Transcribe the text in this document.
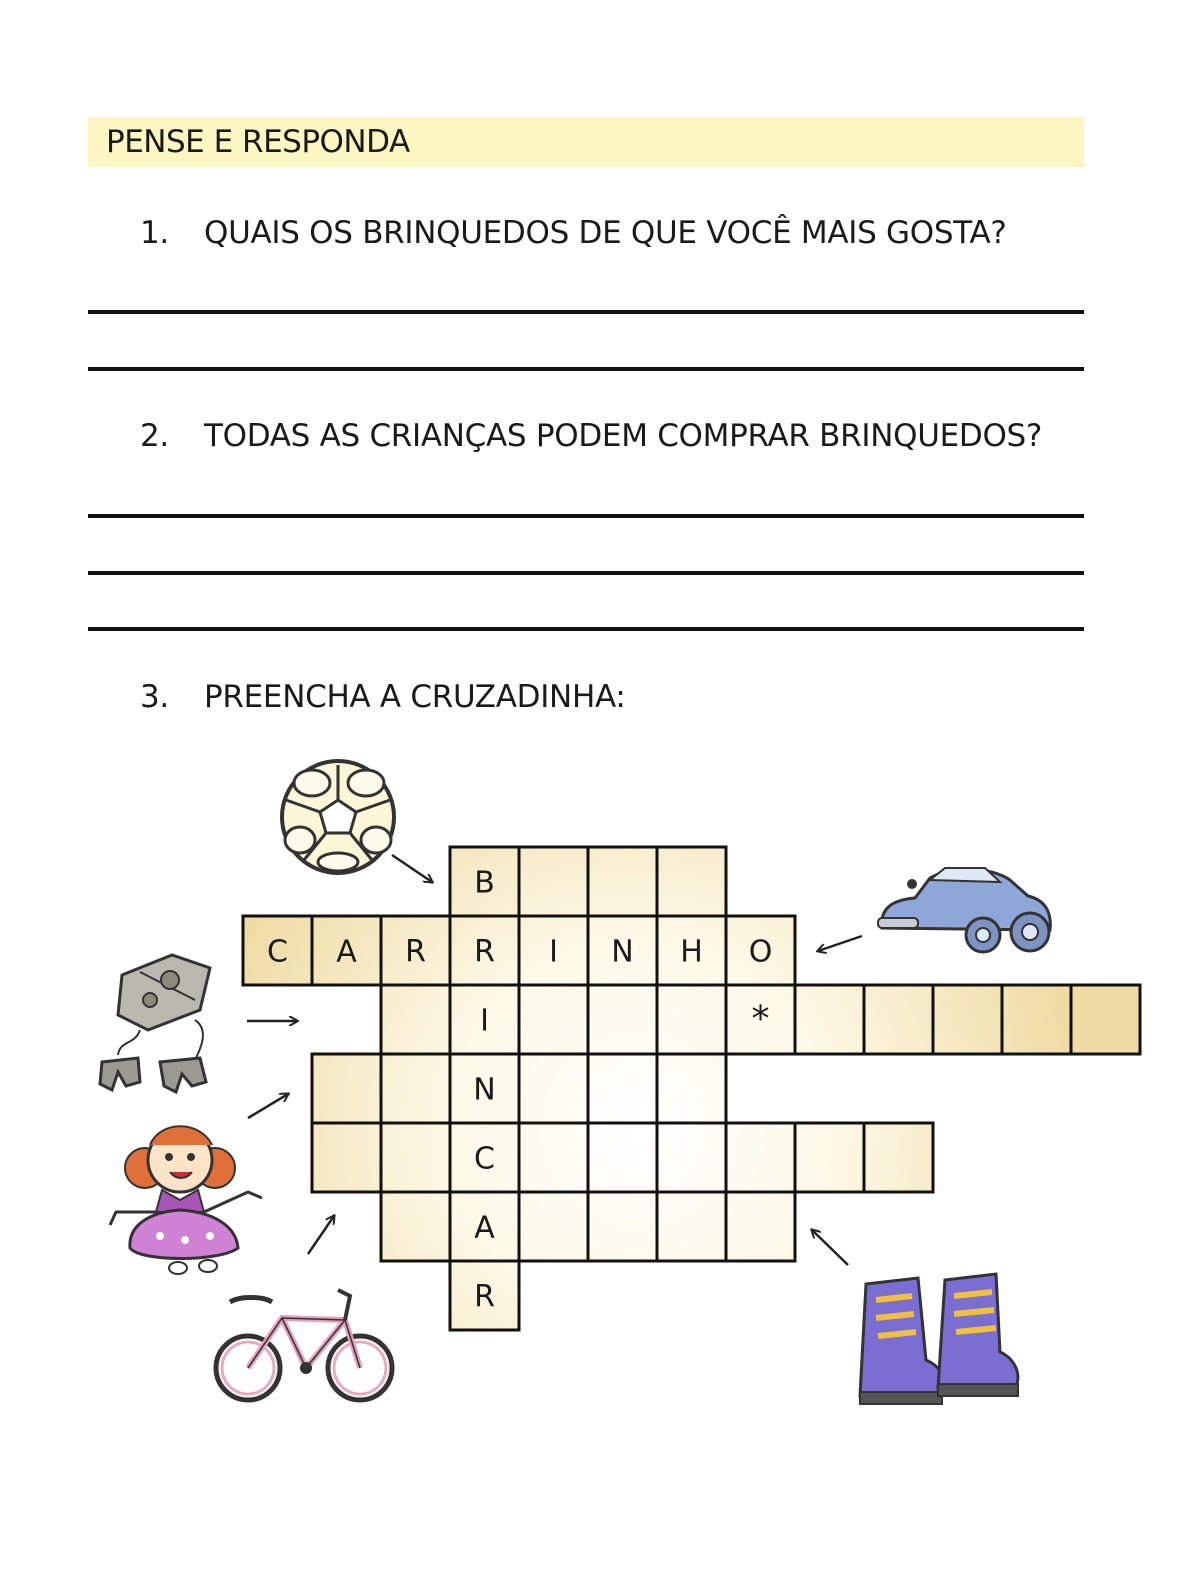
PENSE E RESPONDA
1. QUAIS OS BRINQUEDOS DE QUE VOCÊ MAIS GOSTA?
2. TODAS AS CRIANÇAS PODEM COMPRAR BRINQUEDOS?
3. PREENCHA A CRUZADINHA:
B
C A R R I N H O
I	*
N
C
A
R
